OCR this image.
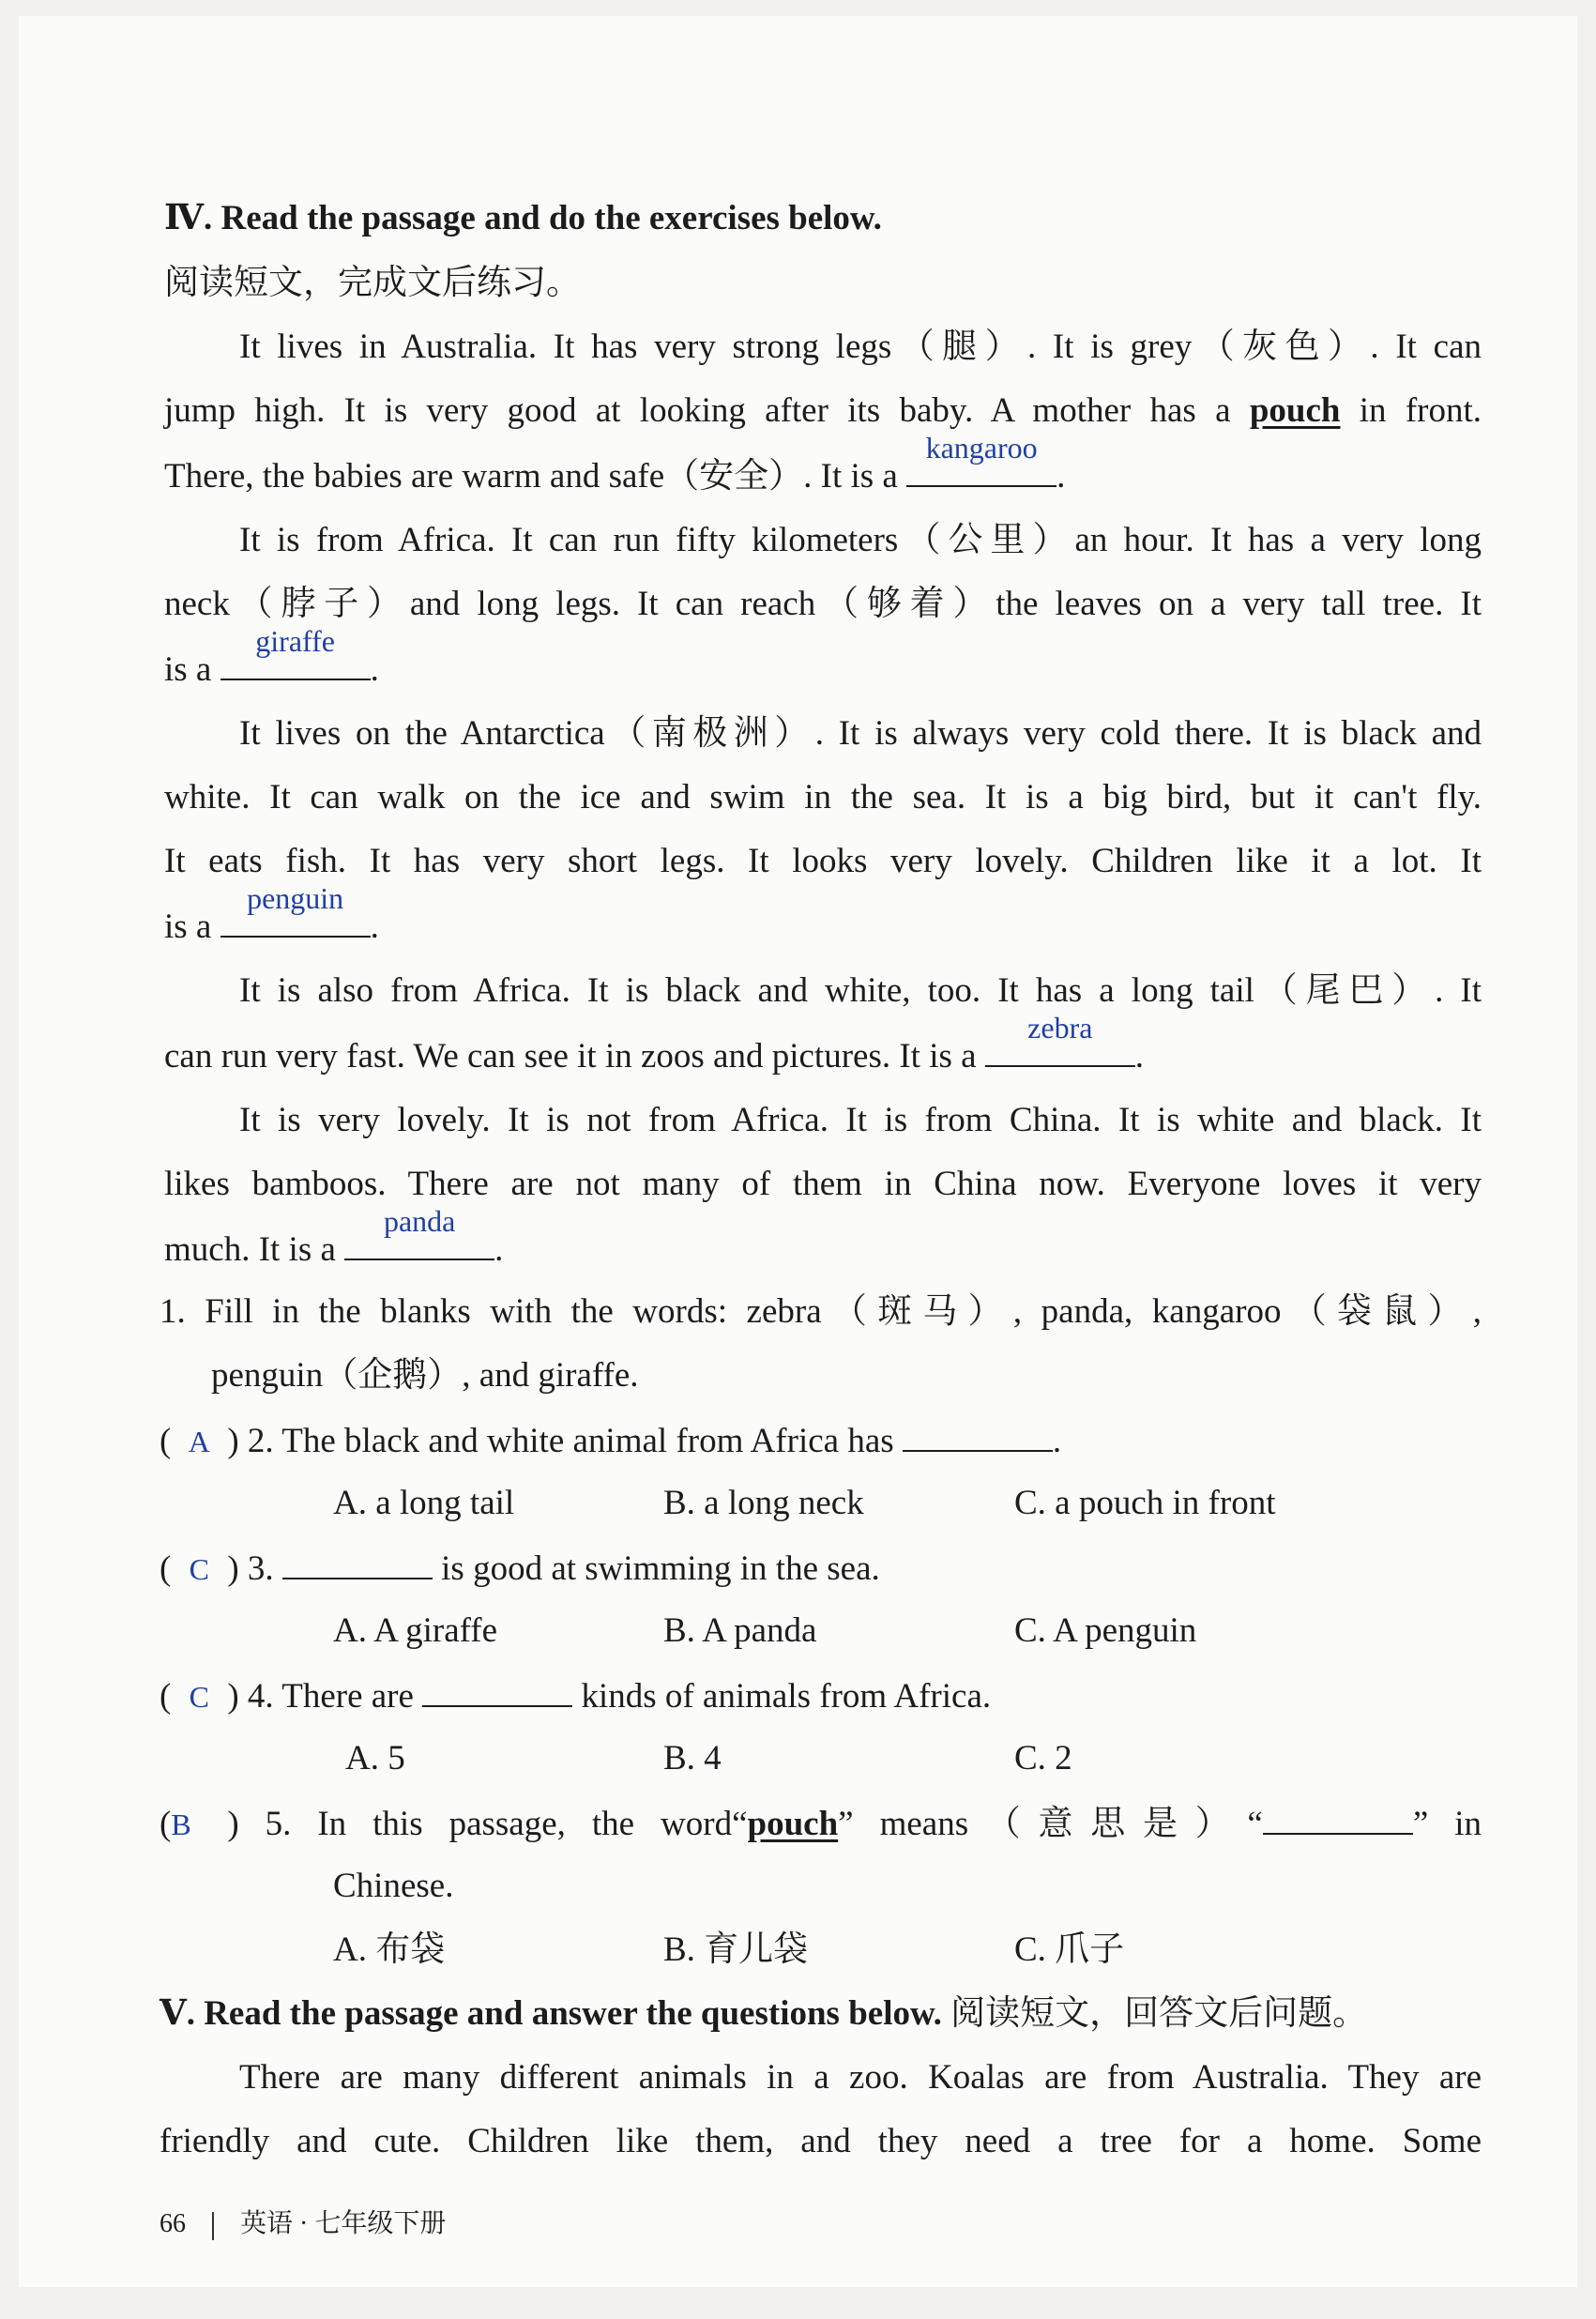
Ⅳ. Read the passage and do the exercises below.
阅读短文，完成文后练习。
It lives in Australia. It has very strong legs（腿）. It is grey（灰色）. It can
jump high. It is very good at looking after its baby. A mother has a pouch in front.
There, the babies are warm and safe（安全）. It is a
kangaroo
.
It is from Africa. It can run fifty kilometers（公里）an hour. It has a very long
neck（脖子）and long legs. It can reach（够着）the leaves on a very tall tree. It
is a
giraffe
.
It lives on the Antarctica（南极洲）. It is always very cold there. It is black and
white. It can walk on the ice and swim in the sea. It is a big bird, but it can't fly.
It eats fish. It has very short legs. It looks very lovely. Children like it a lot. It
is a
penguin
.
It is also from Africa. It is black and white, too. It has a long tail（尾巴）. It
can run very fast. We can see it in zoos and pictures. It is a
zebra
.
It is very lovely. It is not from Africa. It is from China. It is white and black. It
likes bamboos. There are not many of them in China now. Everyone loves it very
much. It is a
panda
.
1. Fill in the blanks with the words: zebra（斑马）, panda, kangaroo（袋鼠）,
penguin（企鹅）, and giraffe.
( A ) 2. The black and white animal from Africa has	.
A. a long tail	B. a long neck	C. a pouch in front
( C ) 3.	is good at swimming in the sea.
A. A giraffe	B. A panda	C. A penguin
( C ) 4. There are	kinds of animals from Africa.
A. 5	B. 4	C. 2
(B ) 5. In this passage, the word“pouch” means（意思是）“	” in
Chinese.
A. 布袋	B. 育儿袋	C. 爪子
Ⅴ. Read the passage and answer the questions below. 阅读短文，回答文后问题。
There are many different animals in a zoo. Koalas are from Australia. They are
friendly and cute. Children like them, and they need a tree for a home. Some
66 英语 · 七年级下册
